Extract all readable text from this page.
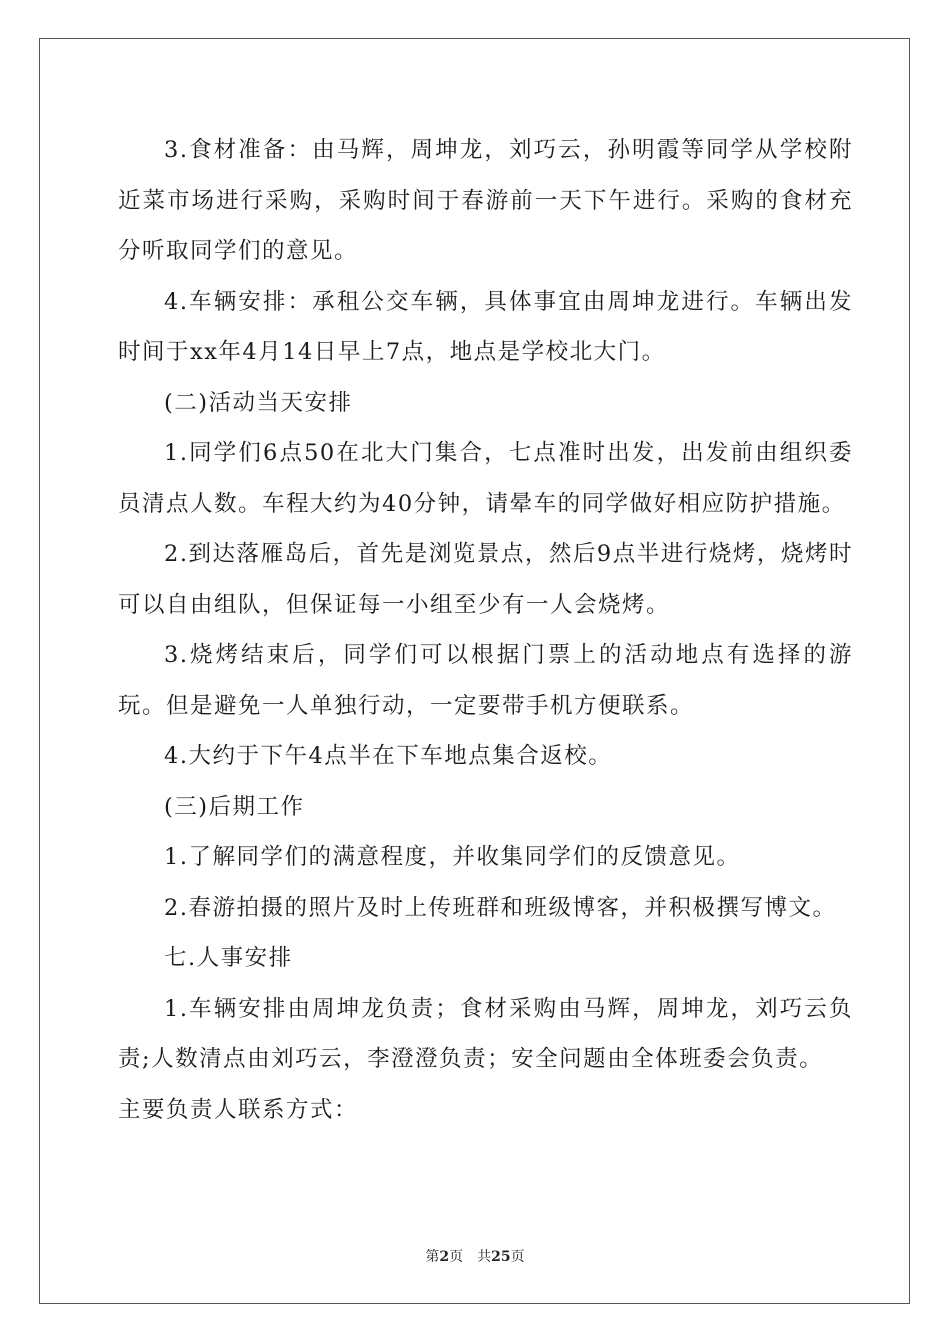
3.食材准备：由马辉，周坤龙，刘巧云，孙明霞等同学从学校附近菜市场进行采购，采购时间于春游前一天下午进行。采购的食材充分听取同学们的意见。

4.车辆安排：承租公交车辆，具体事宜由周坤龙进行。车辆出发时间于xx年4月14日早上7点，地点是学校北大门。

(二)活动当天安排

1.同学们6点50在北大门集合，七点准时出发，出发前由组织委员清点人数。车程大约为40分钟，请晕车的同学做好相应防护措施。

2.到达落雁岛后，首先是浏览景点，然后9点半进行烧烤，烧烤时可以自由组队，但保证每一小组至少有一人会烧烤。

3.烧烤结束后，同学们可以根据门票上的活动地点有选择的游玩。但是避免一人单独行动，一定要带手机方便联系。

4.大约于下午4点半在下车地点集合返校。

(三)后期工作

1.了解同学们的满意程度，并收集同学们的反馈意见。

2.春游拍摄的照片及时上传班群和班级博客，并积极撰写博文。

七.人事安排

1.车辆安排由周坤龙负责；食材采购由马辉，周坤龙，刘巧云负责;人数清点由刘巧云，李澄澄负责；安全问题由全体班委会负责。

主要负责人联系方式：

第2页 共25页
